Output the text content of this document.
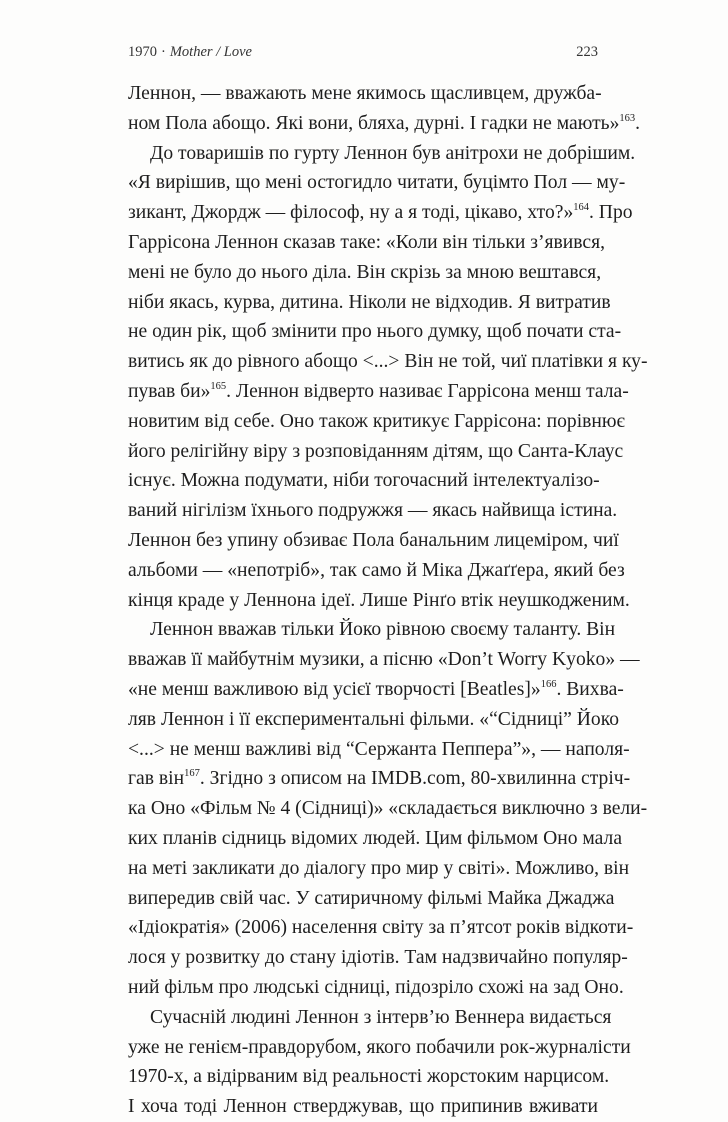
1970 · Mother / Love	223
Леннон, — вважають мене якимось щасливцем, дружба-
ном Пола абощо. Які вони, бляха, дурні. І гадки не мають»$^{163}$.
До товаришів по гурту Леннон був анітрохи не добрішим.
«Я вирішив, що мені остогидло читати, буцімто Пол — му-
зикант, Джордж — філософ, ну а я тоді, цікаво, хто?»$^{164}$. Про
Гаррісона Леннон сказав таке: «Коли він тільки з’явився,
мені не було до нього діла. Він скрізь за мною вештався,
ніби якась, курва, дитина. Ніколи не відходив. Я витратив
не один рік, щоб змінити про нього думку, щоб почати ста-
витись як до рівного абощо <...> Він не той, чиї платівки я ку-
пував би»$^{165}$. Леннон відверто називає Гаррісона менш тала-
новитим від себе. Оно також критикує Гаррісона: порівнює
його релігійну віру з розповіданням дітям, що Санта-Клаус
існує. Можна подумати, ніби тогочасний інтелектуалізо-
ваний нігілізм їхнього подружжя — якась найвища істина.
Леннон без упину обзиває Пола банальним лицеміром, чиї
альбоми — «непотріб», так само й Міка Джаґґера, який без
кінця краде у Леннона ідеї. Лише Рінґо втік неушкодженим.
Леннон вважав тільки Йоко рівною своєму таланту. Він
вважав її майбутнім музики, а пісню «Don’t Worry Kyoko» —
«не менш важливою від усієї творчості [Beatles]»$^{166}$. Вихва-
ляв Леннон і її експериментальні фільми. «“Сідниці” Йоко
<...> не менш важливі від “Сержанта Пеппера”», — наполя-
гав він$^{167}$. Згідно з описом на IMDB.com, 80-хвилинна стріч-
ка Оно «Фільм № 4 (Сідниці)» «складається виключно з вели-
ких планів сідниць відомих людей. Цим фільмом Оно мала
на меті закликати до діалогу про мир у світі». Можливо, він
випередив свій час. У сатиричному фільмі Майка Джаджа
«Ідіократія» (2006) населення світу за п’ятсот років відкоти-
лося у розвитку до стану ідіотів. Там надзвичайно популяр-
ний фільм про людські сідниці, підозріло схожі на зад Оно.
Сучасній людині Леннон з інтерв’ю Веннера видається
уже не генієм-правдорубом, якого побачили рок-журналісти
1970-х, а відірваним від реальності жорстоким нарцисом.
І хоча тоді Леннон стверджував, що припинив вживати
